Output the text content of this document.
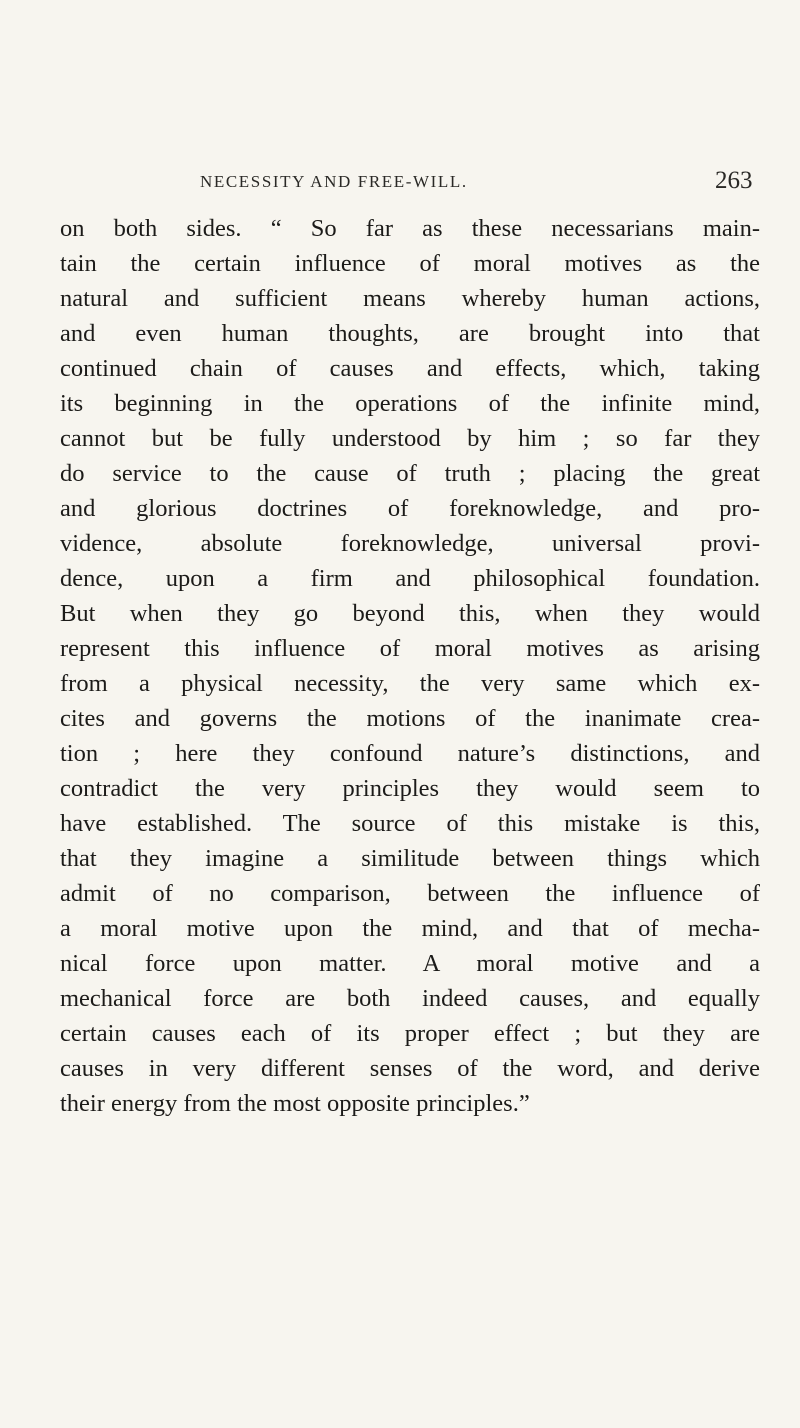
NECESSITY AND FREE-WILL.	263
on both sides. “ So far as these necessarians main-
tain the certain influence of moral motives as the
natural and sufficient means whereby human actions,
and even human thoughts, are brought into that
continued chain of causes and effects, which, taking
its beginning in the operations of the infinite mind,
cannot but be fully understood by him ; so far they
do service to the cause of truth ; placing the great
and glorious doctrines of foreknowledge, and pro-
vidence, absolute foreknowledge, universal provi-
dence, upon a firm and philosophical foundation.
But when they go beyond this, when they would
represent this influence of moral motives as arising
from a physical necessity, the very same which ex-
cites and governs the motions of the inanimate crea-
tion ; here they confound nature’s distinctions, and
contradict the very principles they would seem to
have established. The source of this mistake is this,
that they imagine a similitude between things which
admit of no comparison, between the influence of
a moral motive upon the mind, and that of mecha-
nical force upon matter. A moral motive and a
mechanical force are both indeed causes, and equally
certain causes each of its proper effect ; but they are
causes in very different senses of the word, and derive
their energy from the most opposite principles.”
